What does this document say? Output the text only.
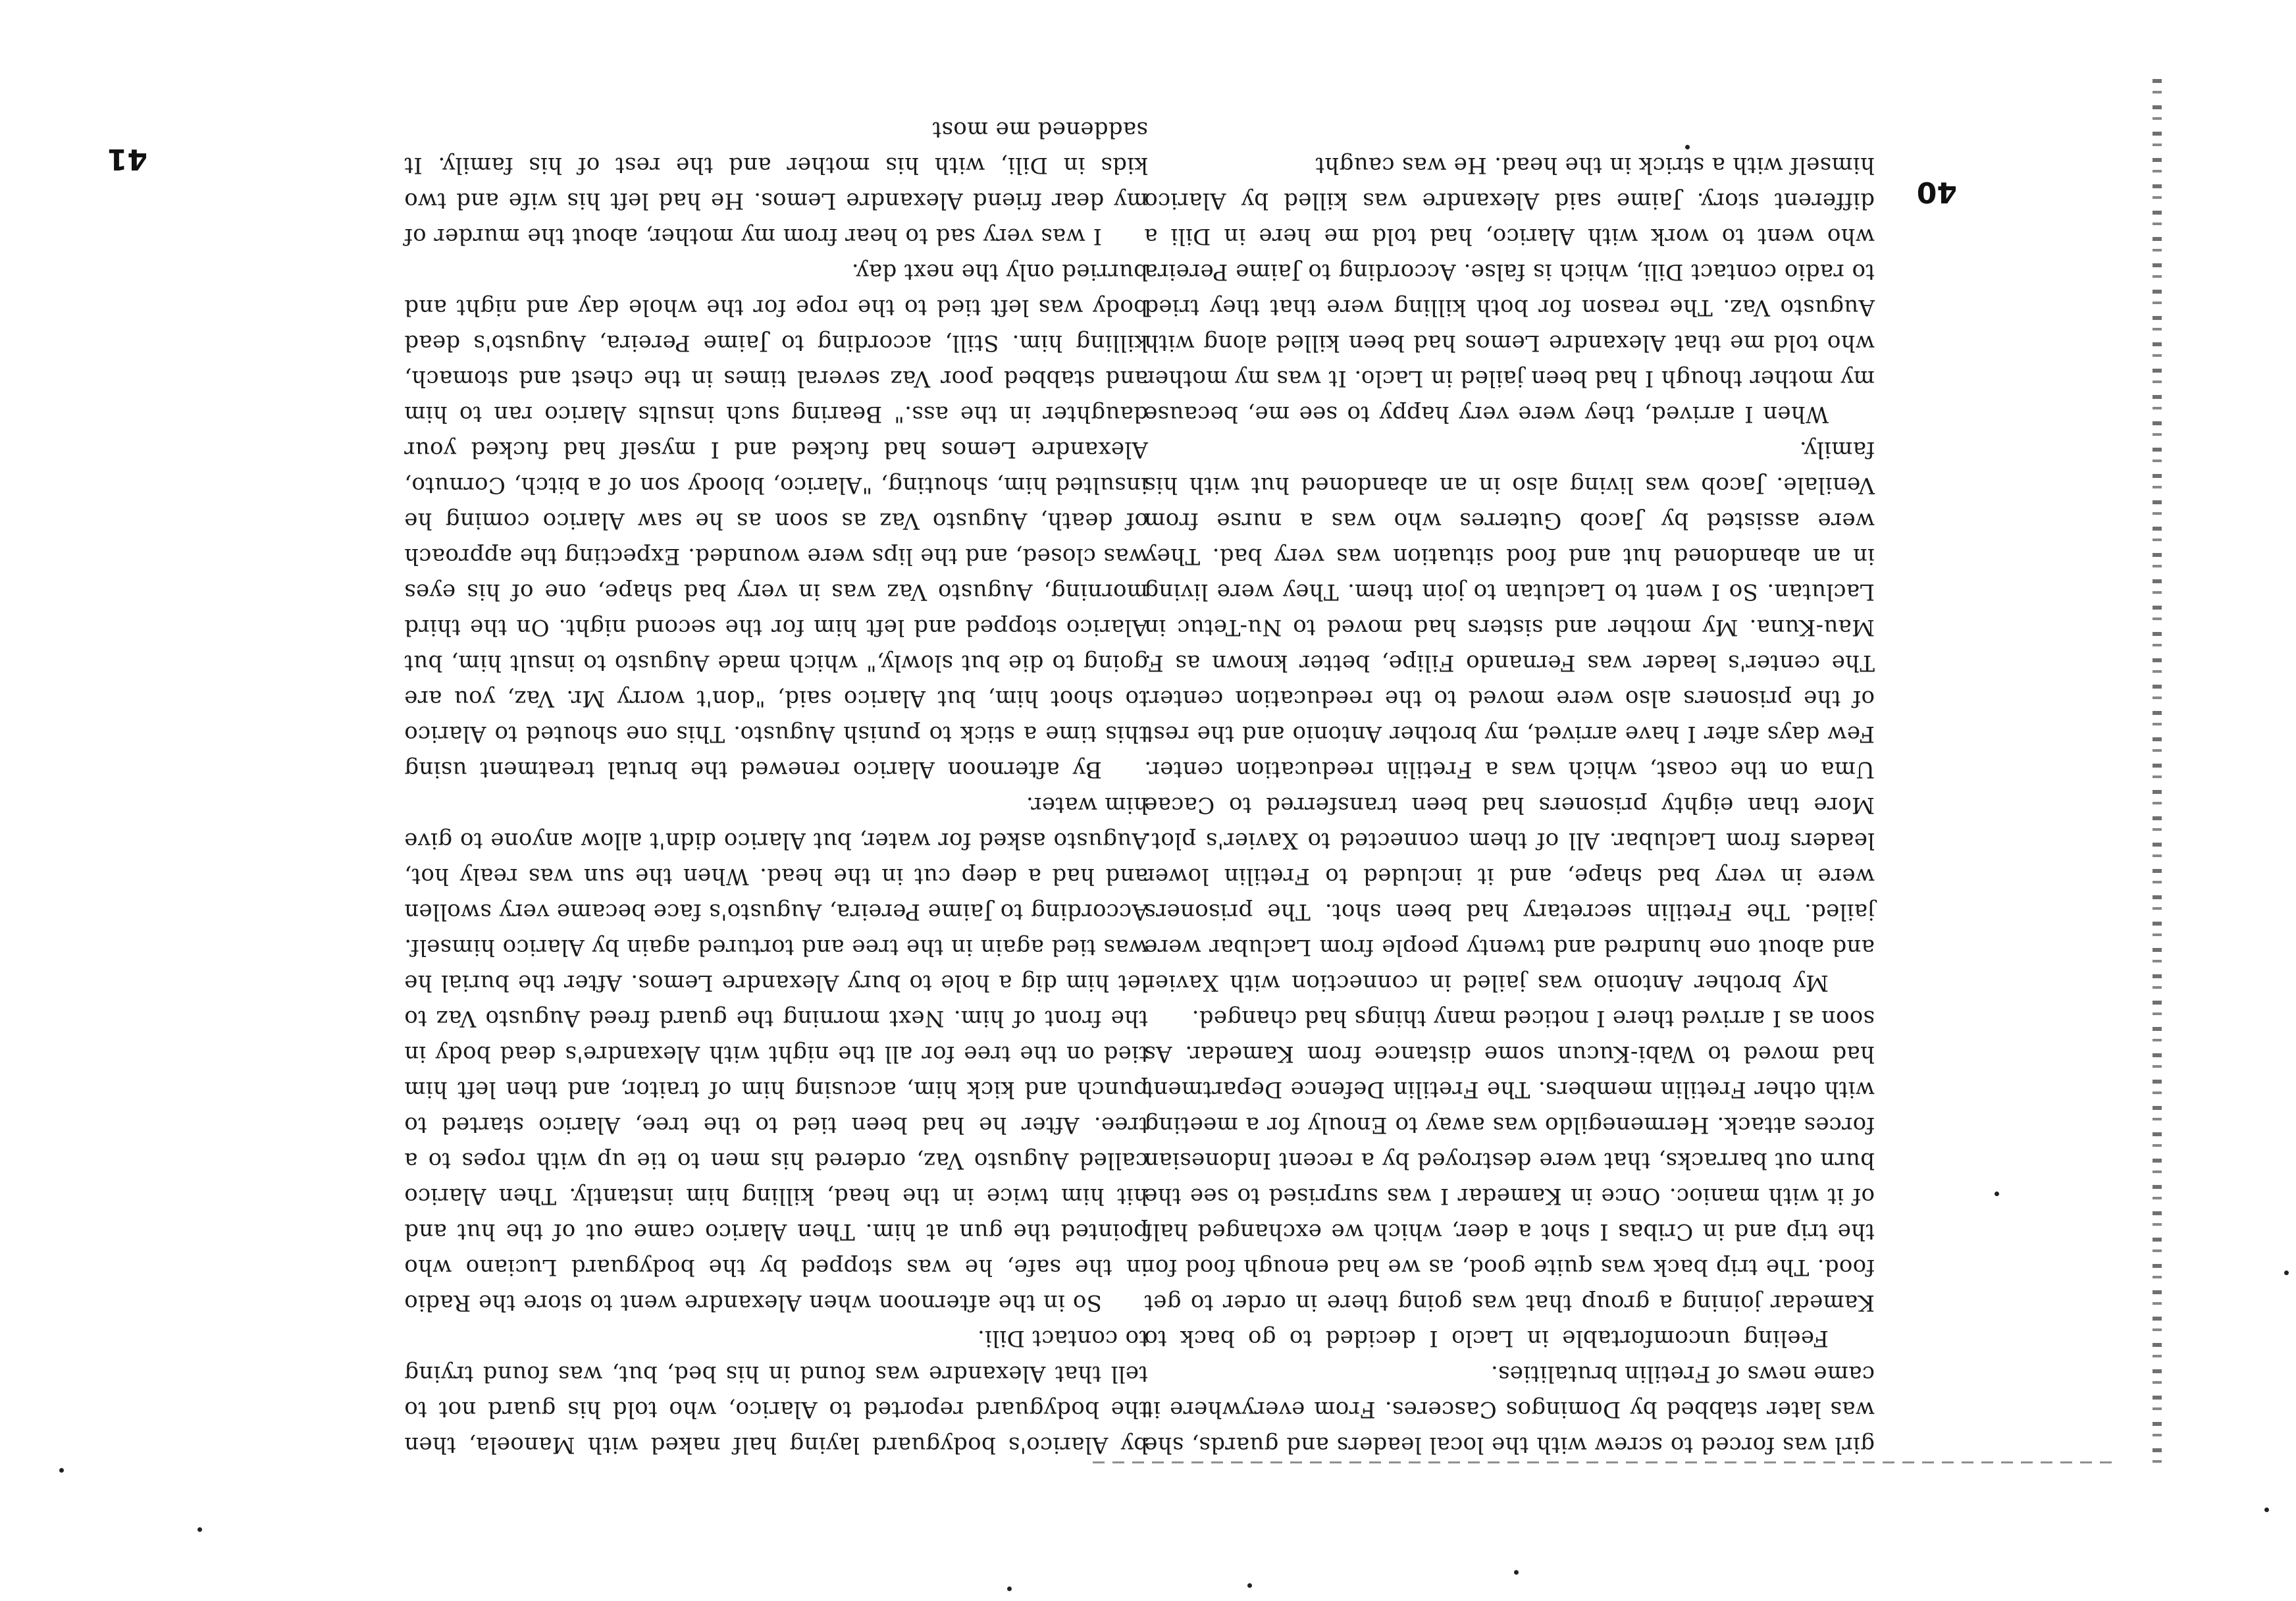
girl was forced to screw with the local leaders and guards, she was later stabbed by Domingos Casceres. From everywhere it came news of Fretilin brutalities.

Feeling uncomfortable in Laclo I decided to go back to Kamedar joining a group that was going there in order to get food. The trip back was quite good, as we had enough food for the trip and in Cribas I shot a deer, which we exchanged half of it with manioc. Once in Kamedar I was surprised to see the burn out barracks, that were destroyed by a recent Indonesian forces attack. Hermenegildo was away to Enouly for a meeting with other Fretilin members. The Fretilin Defence Department had moved to Wabi-Kucun some distance from Kamedar. As soon as I arrived there I noticed many things had changed.

My brother Antonio was jailed in connection with Xavier and about one hundred and twenty people from Laclubar were jailed. The Fretilin secretary had been shot. The prisoners were in very bad shape, and it included to Fretilin lower leaders from Laclubar. All of them connected to Xavier's plot. More than eighty prisoners had been transferred to Cacae Uma on the coast, which was a Fretilin reeducation center. Few days after I have arrived, my brother Antonio and the rest of the prisoners also were moved to the reeducation center. The center's leader was Fernando Filipe, better known as F. Mau-Kuna. My mother and sisters had moved to Nu-Tetuc in Laclutan. So I went to Laclutan to join them. They were living in an abandoned hut and food situation was very bad. They were assisted by Jacob Guterres who was a nurse from Venilale. Jacob was living also in an abandoned hut with his family.

When I arrived, they were very happy to see me, because my mother though I had been jailed in Laclo. It was my mother who told me that Alexandre Lemos had been killed along with Augusto Vaz. The reason for both killing were that they tried to radio contact Dili, which is false. According to Jaime Pereira who went to work with Alarico, had told me here in Dili a different story. Jaime said Alexandre was killed by Alarico himself with a strick in the head. He was caught

40

by Alarico's bodyguard laying half naked with Manoela, then the bodyguard reported to Alarico, who told his guard not to tell that Alexandre was found in his bed, but, was found trying to contact Dili.

So in the afternoon when Alexandre went to store the Radio in the safe, he was stopped by the bodyguard Luciano who pointed the gun at him. Then Alarico came out of the hut and hit him twice in the head, killing him instantly. Then Alarico called Augusto Vaz, ordered his men to tie up with ropes to a tree. After he had been tied to the tree, Alarico started to punch and kick him, accusing him of traitor, and then left him tied on the tree for all the night with Alexandre's dead body in the front of him. Next morning the guard freed Augusto Vaz to let him dig a hole to bury Alexandre Lemos. After the burial he was tied again in the tree and tortured again by Alarico himself. According to Jaime Pereira, Augusto's face became very swollen and had a deep cut in the head. When the sun was realy hot, Augusto asked for water, but Alarico didn't allow anyone to give him water.

By afternoon Alarico renewed the brutal treatment using this time a stick to punish Augusto. This one shouted to Alarico to shoot him, but Alarico said, "don't worry Mr. Vaz, you are going to die but slowly," which made Augusto to insult him, but Alarico stopped and left him for the second night. On the third morning, Augusto Vaz was in very bad shape, one of his eyes was closed, and the lips were wounded. Expecting the approach of death, Augusto Vaz as soon as he saw Alarico coming he insulted him, shouting, "Alarico, bloody son of a bitch, Cornuto, Alexandre Lemos had fucked and I myself had fucked your daughter in the ass." Bearing such insults Alarico ran to him and stabbed poor Vaz several times in the chest and stomach, killing him. Still, according to Jaime Pereira, Augusto's dead body was left tied to the rope for the whole day and night and burried only the next day.

I was very sad to hear from my mother, about the murder of my dear friend Alexandre Lemos. He had left his wife and two kids in Dili, with his mother and the rest of his family. It saddened me most

41
